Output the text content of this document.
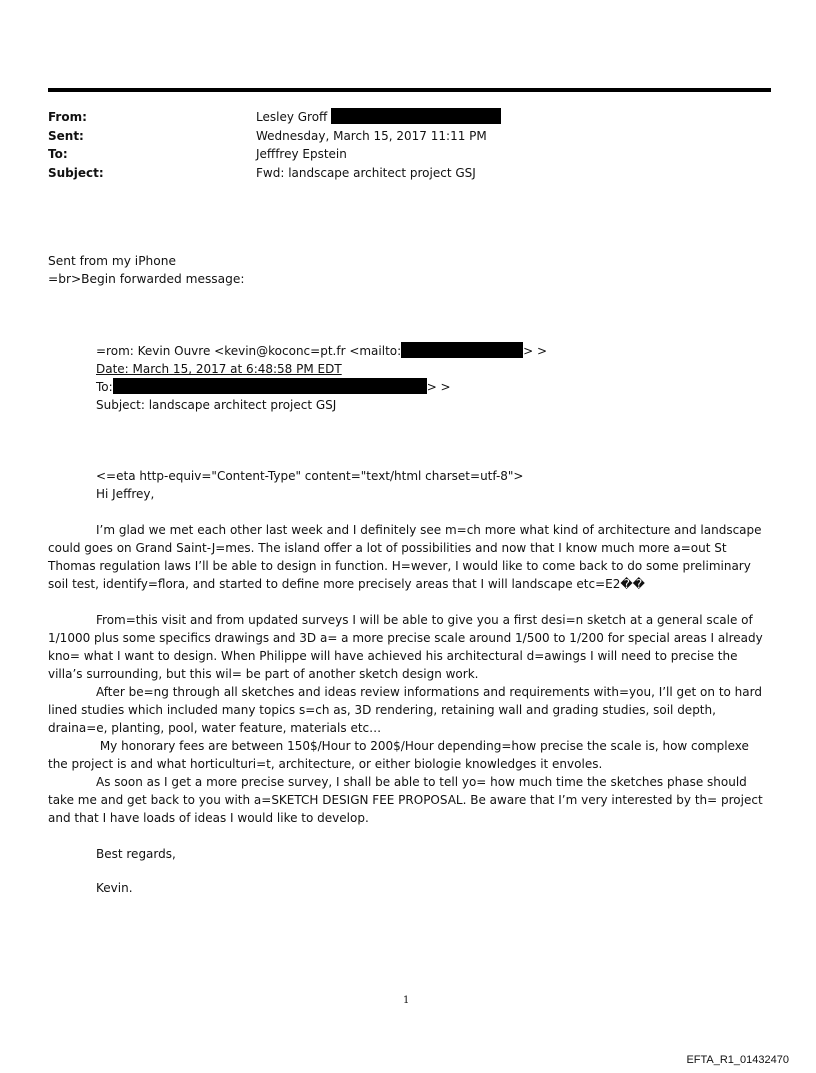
From:	Lesley Groff
Sent:	Wednesday, March 15, 2017 11:11 PM
To:	Jefffrey Epstein
Subject:	Fwd: landscape architect project GSJ
Sent from my iPhone
=br>Begin forwarded message:
=rom: Kevin Ouvre <kevin@koconc=pt.fr <mailto:	> >
Date: March 15, 2017 at 6:48:58 PM EDT
To:	> >
Subject: landscape architect project GSJ
<=eta http-equiv="Content-Type" content="text/html charset=utf-8">
Hi Jeffrey,

I’m glad we met each other last week and I definitely see m=ch more what kind of architecture and landscape could goes on Grand Saint-J=mes. The island offer a lot of possibilities and now that I know much more a=out St Thomas regulation laws I’ll be able to design in function. H=wever, I would like to come back to do some preliminary soil test, identify=flora, and started to define more precisely areas that I will landscape etc=E2��

From=this visit and from updated surveys I will be able to give you a first desi=n sketch at a general scale of 1/1000 plus some specifics drawings and 3D a= a more precise scale around 1/500 to 1/200 for special areas I already kno= what I want to design. When Philippe will have achieved his architectural d=awings I will need to precise the villa’s surrounding, but this wil= be part of another sketch design work.

After be=ng through all sketches and ideas review informations and requirements with=you, I’ll get on to hard lined studies which included many topics s=ch as, 3D rendering, retaining wall and grading studies, soil depth, draina=e, planting, pool, water feature, materials etc…

My honorary fees are between 150$/Hour to 200$/Hour depending=how precise the scale is, how complexe the project is and what horticulturi=t, architecture, or either biologie knowledges it envoles.

As soon as I get a more precise survey, I shall be able to tell yo= how much time the sketches phase should take me and get back to you with a=SKETCH DESIGN FEE PROPOSAL. Be aware that I’m very interested by th= project and that I have loads of ideas I would like to develop.

Best regards,
Kevin.
1
EFTA_R1_01432470
